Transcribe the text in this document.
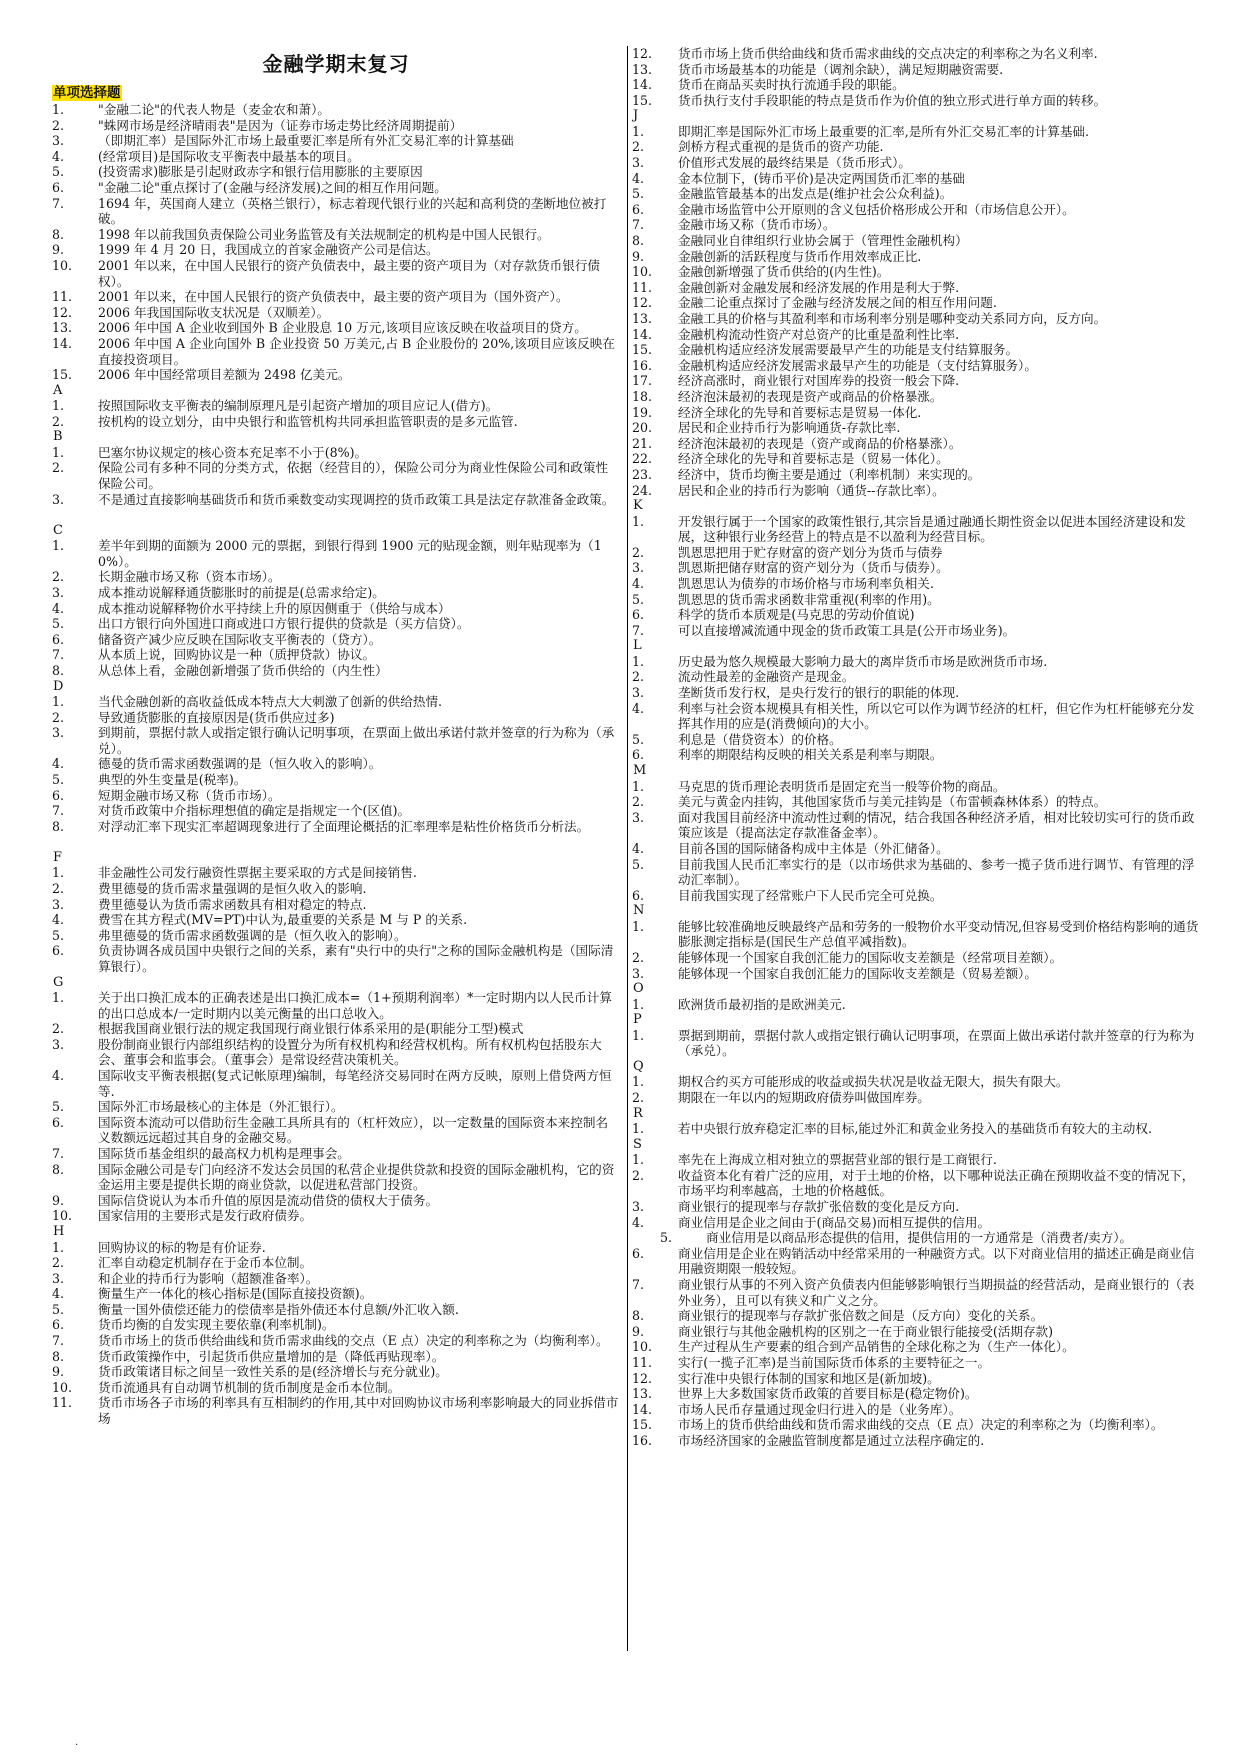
金融学期末复习
单项选择题
1.	"金融二论"的代表人物是（麦金农和萧）。
2.	"蛛网市场是经济晴雨表"是因为（证券市场走势比经济周期提前）
3.	（即期汇率）是国际外汇市场上最重要汇率是所有外汇交易汇率的计算基础
4.	(经常项目)是国际收支平衡表中最基本的项目。
5.	(投资需求)膨胀是引起财政赤字和银行信用膨胀的主要原因
6.	"金融二论"重点探讨了(金融与经济发展)之间的相互作用问题。
7.	1694 年，英国商人建立（英格兰银行），标志着现代银行业的兴起和高利贷的垄断地位被打破。
8.	1998 年以前我国负责保险公司业务监管及有关法规制定的机构是中国人民银行。
9.	1999 年 4 月 20 日，我国成立的首家金融资产公司是信达。
10.	2001 年以来，在中国人民银行的资产负债表中，最主要的资产项目为（对存款货币银行债权）。
11.	2001 年以来，在中国人民银行的资产负债表中，最主要的资产项目为（国外资产）。
12.	2006 年我国国际收支状况是（双顺差）。
13.	2006 年中国 A 企业收到国外 B 企业股息 10 万元,该项目应该反映在收益项目的贷方。
14.	2006 年中国 A 企业向国外 B 企业投资 50 万美元,占 B 企业股份的 20%,该项目应该反映在直接投资项目。
15.	2006 年中国经常项目差额为 2498 亿美元。
A
1.	按照国际收支平衡表的编制原理凡是引起资产增加的项目应记人(借方)。
2.	按机构的设立划分，由中央银行和监管机构共同承担监管职责的是多元监管.
B
1.	巴塞尔协议规定的核心资本充足率不小于(8%)。
2.	保险公司有多种不同的分类方式，依据（经营目的），保险公司分为商业性保险公司和政策性保险公司。
3.	不是通过直接影响基础货币和货币乘数变动实现调控的货币政策工具是法定存款准备金政策。
C
1.	差半年到期的面额为 2000 元的票据，到银行得到 1900 元的贴现金额，则年贴现率为（10%）。
2.	长期金融市场又称（资本市场）。
3.	成本推动说解释通货膨胀时的前提是(总需求给定)。
4.	成本推动说解释物价水平持续上升的原因侧重于（供给与成本）
5.	出口方银行向外国进口商或进口方银行提供的贷款是（买方信贷）。
6.	储备资产减少应反映在国际收支平衡表的（贷方）。
7.	从本质上说，回购协议是一种（质押贷款）协议。
8.	从总体上看，金融创新增强了货币供给的（内生性）
D
1.	当代金融创新的高收益低成本特点大大刺激了创新的供给热情.
2.	导致通货膨胀的直接原因是(货币供应过多)
3.	到期前，票据付款人或指定银行确认记明事项，在票面上做出承诺付款并签章的行为称为（承兑）。
4.	德曼的货币需求函数强调的是（恒久收入的影响）。
5.	典型的外生变量是(税率)。
6.	短期金融市场又称（货币市场）。
7.	对货币政策中介指标理想值的确定是指规定一个(区值)。
8.	对浮动汇率下现实汇率超调现象进行了全面理论概括的汇率理率是粘性价格货币分析法。
F
1.	非金融性公司发行融资性票据主要采取的方式是间接销售.
2.	费里德曼的货币需求量强调的是恒久收入的影响.
3.	费里德曼认为货币需求函数具有相对稳定的特点.
4.	费雪在其方程式(MV=PT)中认为,最重要的关系是 M 与 P 的关系.
5.	弗里德曼的货币需求函数强调的是（恒久收入的影响）。
6.	负责协调各成员国中央银行之间的关系，素有"央行中的央行"之称的国际金融机构是（国际清算银行）。
G
1.	关于出口换汇成本的正确表述是出口换汇成本=（1+预期利润率）*一定时期内以人民币计算的出口总成本/一定时期内以美元衡量的出口总收入。
2.	根据我国商业银行法的规定我国现行商业银行体系采用的是(职能分工型)模式
3.	股份制商业银行内部组织结构的设置分为所有权机构和经营权机构。所有权机构包括股东大会、董事会和监事会。（董事会）是常设经营决策机关。
4.	国际收支平衡表根据(复式记帐原理)编制，每笔经济交易同时在两方反映，原则上借贷两方恒等.
5.	国际外汇市场最核心的主体是（外汇银行）。
6.	国际资本流动可以借助衍生金融工具所具有的（杠杆效应），以一定数量的国际资本来控制名义数额远远超过其自身的金融交易。
7.	国际货币基金组织的最高权力机构是理事会。
8.	国际金融公司是专门向经济不发达会员国的私营企业提供贷款和投资的国际金融机构，它的资金运用主要是提供长期的商业贷款，以促进私营部门投资。
9.	国际信贷说认为本币升值的原因是流动借贷的债权大于债务。
10.	国家信用的主要形式是发行政府债券。
H
1.	回购协议的标的物是有价证券.
2.	汇率自动稳定机制存在于金币本位制。
3.	和企业的持币行为影响（超额准备率）。
4.	衡量生产一体化的核心指标是(国际直接投资额)。
5.	衡量一国外债偿还能力的偿债率是指外债还本付息额/外汇收入额.
6.	货币均衡的自发实现主要依靠(利率机制)。
7.	货币市场上的货币供给曲线和货币需求曲线的交点（E 点）决定的利率称之为（均衡利率）。
8.	货币政策操作中，引起货币供应量增加的是（降低再贴现率）。
9.	货币政策诸目标之间呈一致性关系的是(经济增长与充分就业)。
10.	货币流通具有自动调节机制的货币制度是金币本位制。
11.	货币市场各子市场的利率具有互相制约的作用,其中对回购协议市场利率影响最大的同业拆借市场
12.	货币市场上货币供给曲线和货币需求曲线的交点决定的利率称之为名义利率.
13.	货币市场最基本的功能是（调剂余缺），满足短期融资需要.
14.	货币在商品买卖时执行流通手段的职能。
15.	货币执行支付手段职能的特点是货币作为价值的独立形式进行单方面的转移。
J
1.	即期汇率是国际外汇市场上最重要的汇率,是所有外汇交易汇率的计算基础.
2.	剑桥方程式重视的是货币的资产功能.
3.	价值形式发展的最终结果是（货币形式）。
4.	金本位制下，(铸币平价)是决定两国货币汇率的基础
5.	金融监管最基本的出发点是(维护社会公众利益)。
6.	金融市场监管中公开原则的含义包括价格形成公开和（市场信息公开）。
7.	金融市场又称（货币市场）。
8.	金融同业自律组织行业协会属于（管理性金融机构）
9.	金融创新的活跃程度与货币作用效率成正比.
10.	金融创新增强了货币供给的(内生性)。
11.	金融创新对金融发展和经济发展的作用是利大于弊.
12.	金融二论重点探讨了金融与经济发展之间的相互作用问题.
13.	金融工具的价格与其盈利率和市场利率分别是哪种变动关系同方向，反方向。
14.	金融机构流动性资产对总资产的比重是盈利性比率.
15.	金融机构适应经济发展需要最早产生的功能是支付结算服务。
16.	金融机构适应经济发展需求最早产生的功能是（支付结算服务）。
17.	经济高涨时，商业银行对国库券的投资一般会下降.
18.	经济泡沫最初的表现是资产或商品的价格暴涨。
19.	经济全球化的先导和首要标志是贸易一体化.
20.	居民和企业持币行为影响通货-存款比率.
21.	经济泡沫最初的表现是（资产或商品的价格暴涨）。
22.	经济全球化的先导和首要标志是（贸易一体化）。
23.	经济中，货币均衡主要是通过（利率机制）来实现的。
24.	居民和企业的持币行为影响（通货--存款比率）。
K
1.	开发银行属于一个国家的政策性银行,其宗旨是通过融通长期性资金以促进本国经济建设和发展，这种银行业务经营上的特点是不以盈利为经营目标。
2.	凯恩思把用于贮存财富的资产划分为货币与债券
3.	凯恩斯把储存财富的资产划分为（货币与债券）。
4.	凯恩思认为债券的市场价格与市场利率负相关.
5.	凯恩思的货币需求函数非常重视(利率的作用)。
6.	科学的货币本质观是(马克思的劳动价值说)
7.	可以直接增减流通中现金的货币政策工具是(公开市场业务)。
L
1.	历史最为悠久规模最大影响力最大的离岸货币市场是欧洲货币市场.
2.	流动性最差的金融资产是现金。
3.	垄断货币发行权，是央行发行的银行的职能的体现.
4.	利率与社会资本规模具有相关性，所以它可以作为调节经济的杠杆，但它作为杠杆能够充分发挥其作用的应是(消费倾向)的大小。
5.	利息是（借贷资本）的价格。
6.	利率的期限结构反映的相关关系是利率与期限。
M
1.	马克思的货币理论表明货币是固定充当一般等价物的商品。
2.	美元与黄金内挂钩，其他国家货币与美元挂钩是（布雷顿森林体系）的特点。
3.	面对我国目前经济中流动性过剩的情况，结合我国各种经济矛盾，相对比较切实可行的货币政策应该是（提高法定存款准备金率）。
4.	目前各国的国际储备构成中主体是（外汇储备）。
5.	目前我国人民币汇率实行的是（以市场供求为基础的、参考一揽子货币进行调节、有管理的浮动汇率制）。
6.	目前我国实现了经常账户下人民币完全可兑换。
N
1.	能够比较准确地反映最终产品和劳务的一般物价水平变动情况,但容易受到价格结构影响的通货膨胀测定指标是(国民生产总值平减指数)。
2.	能够体现一个国家自我创汇能力的国际收支差额是（经常项目差额）。
3.	能够体现一个国家自我创汇能力的国际收支差额是（贸易差额）。
O
1.	欧洲货币最初指的是欧洲美元.
P
1.	票据到期前，票据付款人或指定银行确认记明事项，在票面上做出承诺付款并签章的行为称为（承兑）。
Q
1.	期权合约买方可能形成的收益或损失状况是收益无限大，损失有限大。
2.	期限在一年以内的短期政府债券叫做国库券。
R
1.	若中央银行放弃稳定汇率的目标,能过外汇和黄金业务投入的基础货币有较大的主动权.
S
1.	率先在上海成立相对独立的票据营业部的银行是工商银行.
2.	收益资本化有着广泛的应用，对于土地的价格，以下哪种说法正确在预期收益不变的情况下，市场平均利率越高，土地的价格越低。
3.	商业银行的提现率与存款扩张倍数的变化是反方向.
4.	商业信用是企业之间由于(商品交易)而相互提供的信用。
5.	商业信用是以商品形态提供的信用，提供信用的一方通常是（消费者/卖方）。
6.	商业信用是企业在购销活动中经常采用的一种融资方式。以下对商业信用的描述正确是商业信用融资期限一般较短。
7.	商业银行从事的不列入资产负债表内但能够影响银行当期损益的经营活动，是商业银行的（表外业务），且可以有狭义和广义之分。
8.	商业银行的提现率与存款扩张倍数之间是（反方向）变化的关系。
9.	商业银行与其他金融机构的区别之一在于商业银行能接受(活期存款)
10.	生产过程从生产要素的组合到产品销售的全球化称之为（生产一体化）。
11.	实行(一揽子汇率)是当前国际货币体系的主要特征之一。
12.	实行准中央银行体制的国家和地区是(新加坡)。
13.	世界上大多数国家货币政策的首要目标是(稳定物价)。
14.	市场人民币存量通过现金归行进入的是（业务库）。
15.	市场上的货币供给曲线和货币需求曲线的交点（E 点）决定的利率称之为（均衡利率）。
16.	市场经济国家的金融监管制度都是通过立法程序确定的.
.
